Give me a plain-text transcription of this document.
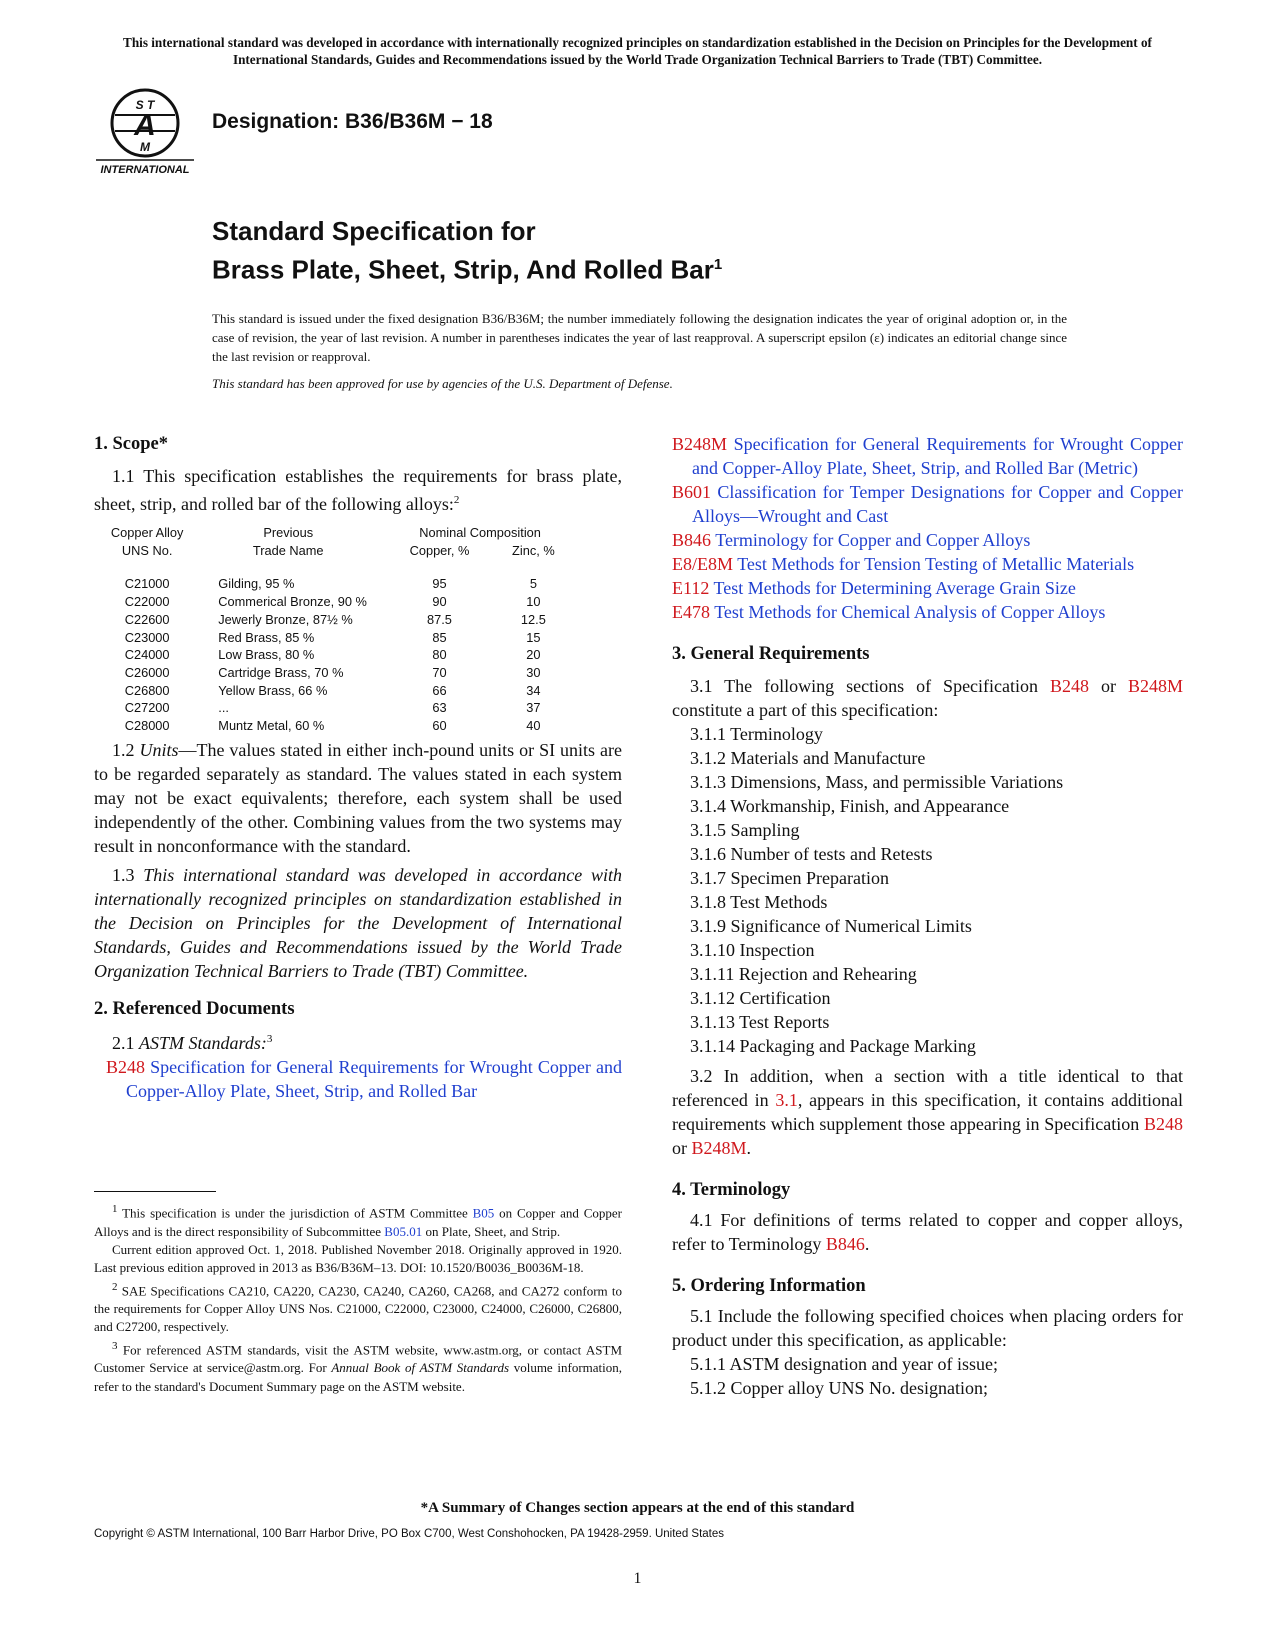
This international standard was developed in accordance with internationally recognized principles on standardization established in the Decision on Principles for the Development of International Standards, Guides and Recommendations issued by the World Trade Organization Technical Barriers to Trade (TBT) Committee.
A
S T
M
INTERNATIONAL
Designation: B36/B36M − 18
Standard Specification for
Brass Plate, Sheet, Strip, And Rolled Bar$^1$
This standard is issued under the fixed designation B36/B36M; the number immediately following the designation indicates the year of original adoption or, in the case of revision, the year of last revision. A number in parentheses indicates the year of last reapproval. A superscript epsilon (ε) indicates an editorial change since the last revision or reapproval.
This standard has been approved for use by agencies of the U.S. Department of Defense.
1. Scope*

1.1 This specification establishes the requirements for brass plate, sheet, strip, and rolled bar of the following alloys:$^2$

Copper Alloy	Previous	Nominal Composition	
UNS No.	Trade Name	Copper, %	Zinc, %

C21000	Gilding, 95 %	95	5
C22000	Commerical Bronze, 90 %	90	10
C22600	Jewerly Bronze, 87½ %	87.5	12.5
C23000	Red Brass, 85 %	85	15
C24000	Low Brass, 80 %	80	20
C26000	Cartridge Brass, 70 %	70	30
C26800	Yellow Brass, 66 %	66	34
C27200	...	63	37
C28000	Muntz Metal, 60 %	60	40

1.2 Units—The values stated in either inch-pound units or SI units are to be regarded separately as standard. The values stated in each system may not be exact equivalents; therefore, each system shall be used independently of the other. Combining values from the two systems may result in nonconformance with the standard.

1.3 This international standard was developed in accordance with internationally recognized principles on standardization established in the Decision on Principles for the Development of International Standards, Guides and Recommendations issued by the World Trade Organization Technical Barriers to Trade (TBT) Committee.

2. Referenced Documents

2.1 ASTM Standards:$^3$

B248 Specification for General Requirements for Wrought Copper and Copper-Alloy Plate, Sheet, Strip, and Rolled Bar

$^1$ This specification is under the jurisdiction of ASTM Committee B05 on Copper and Copper Alloys and is the direct responsibility of Subcommittee B05.01 on Plate, Sheet, and Strip.

Current edition approved Oct. 1, 2018. Published November 2018. Originally approved in 1920. Last previous edition approved in 2013 as B36/B36M–13. DOI: 10.1520/B0036_B0036M-18.

$^2$ SAE Specifications CA210, CA220, CA230, CA240, CA260, CA268, and CA272 conform to the requirements for Copper Alloy UNS Nos. C21000, C22000, C23000, C24000, C26000, C26800, and C27200, respectively.

$^3$ For referenced ASTM standards, visit the ASTM website, www.astm.org, or contact ASTM Customer Service at service@astm.org. For Annual Book of ASTM Standards volume information, refer to the standard's Document Summary page on the ASTM website.

B248M Specification for General Requirements for Wrought Copper and Copper-Alloy Plate, Sheet, Strip, and Rolled Bar (Metric)

B601 Classification for Temper Designations for Copper and Copper Alloys—Wrought and Cast

B846 Terminology for Copper and Copper Alloys

E8/E8M Test Methods for Tension Testing of Metallic Materials

E112 Test Methods for Determining Average Grain Size

E478 Test Methods for Chemical Analysis of Copper Alloys

3. General Requirements

3.1 The following sections of Specification B248 or B248M constitute a part of this specification:

3.1.1 Terminology

3.1.2 Materials and Manufacture

3.1.3 Dimensions, Mass, and permissible Variations

3.1.4 Workmanship, Finish, and Appearance

3.1.5 Sampling

3.1.6 Number of tests and Retests

3.1.7 Specimen Preparation

3.1.8 Test Methods

3.1.9 Significance of Numerical Limits

3.1.10 Inspection

3.1.11 Rejection and Rehearing

3.1.12 Certification

3.1.13 Test Reports

3.1.14 Packaging and Package Marking

3.2 In addition, when a section with a title identical to that referenced in 3.1, appears in this specification, it contains additional requirements which supplement those appearing in Specification B248 or B248M.

4. Terminology

4.1 For definitions of terms related to copper and copper alloys, refer to Terminology B846.

5. Ordering Information

5.1 Include the following specified choices when placing orders for product under this specification, as applicable:

5.1.1 ASTM designation and year of issue;

5.1.2 Copper alloy UNS No. designation;

*A Summary of Changes section appears at the end of this standard
Copyright © ASTM International, 100 Barr Harbor Drive, PO Box C700, West Conshohocken, PA 19428-2959. United States
1
